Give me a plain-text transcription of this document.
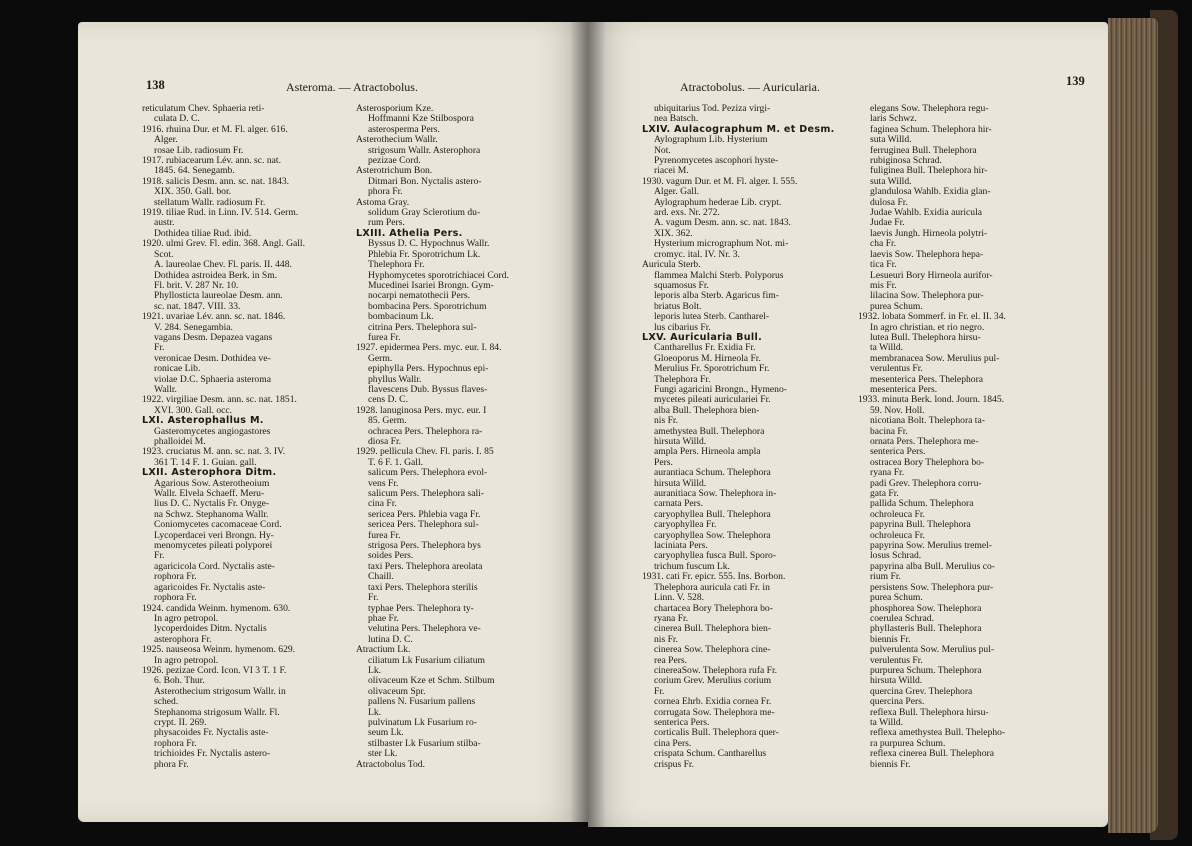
138	Asteroma. — Atractobolus.
reticulatum Chev. Sphaeria reti-
culata D. C.
1916. rhuina Dur. et M. Fl. alger. 616.
Alger.
rosae Lib. radiosum Fr.
1917. rubiacearum Lév. ann. sc. nat.
1845. 64. Senegamb.
1918. salicis Desm. ann. sc. nat. 1843.
XIX. 350. Gall. bor.
stellatum Wallr. radiosum Fr.
1919. tiliae Rud. in Linn. IV. 514. Germ.
austr.
Dothidea tiliae Rud. ibid.
1920. ulmi Grev. Fl. edin. 368. Angl. Gall.
Scot.
A. laureolae Chev. Fl. paris. II. 448.
Dothidea astroidea Berk. in Sm.
Fl. brit. V. 287 Nr. 10.
Phyllosticta laureolae Desm. ann.
sc. nat. 1847. VIII. 33.
1921. uvariae Lév. ann. sc. nat. 1846.
V. 284. Senegambia.
vagans Desm. Depazea vagans
Fr.
veronicae Desm. Dothidea ve-
ronicae Lib.
violae D.C. Sphaeria asteroma
Wallr.
1922. virgiliae Desm. ann. sc. nat. 1851.
XVI. 300. Gall. occ.
LXI. Asterophallus M.
Gasteromycetes angiogastores
phalloidei M.
1923. cruciatus M. ann. sc. nat. 3. IV.
361 T. 14 F. 1. Guian. gall.
LXII. Asterophora Ditm.
Agarious Sow. Asterotheoium
Wallr. Elvela Schaeff. Meru-
lius D. C. Nyctalis Fr. Onyge-
na Schwz. Stephanoma Wallr.
Coniomycetes cacomaceae Cord.
Lycoperdacei veri Brongn. Hy-
menomycetes pileati polyporei
Fr.
agaricicola Cord. Nyctalis aste-
rophora Fr.
agaricoides Fr. Nyctalis aste-
rophora Fr.
1924. candida Weinm. hymenom. 630.
In agro petropol.
lycoperdoides Ditm. Nyctalis
asterophora Fr.
1925. nauseosa Weinm. hymenom. 629.
In agro petropol.
1926. pezizae Cord. Icon. VI 3 T. 1 F.
6. Boh. Thur.
Asterothecium strigosum Wallr. in
sched.
Stephanoma strigosum Wallr. Fl.
crypt. II. 269.
physacoides Fr. Nyctalis aste-
rophora Fr.
trichioides Fr. Nyctalis astero-
phora Fr.
Asterosporium Kze.
Hoffmanni Kze Stilbospora
asterosperma Pers.
Asterothecium Wallr.
strigosum Wallr. Asterophora
pezizae Cord.
Asterotrichum Bon.
Ditmari Bon. Nyctalis astero-
phora Fr.
Astoma Gray.
solidum Gray Sclerotium du-
rum Pers.
LXIII. Athelia Pers.
Byssus D. C. Hypochnus Wallr.
Phlebia Fr. Sporotrichum Lk.
Thelephora Fr.
Hyphomycetes sporotrichiacei Cord.
Mucedinei Isariei Brongn. Gym-
nocarpi nematothecii Pers.
bombacina Pers. Sporotrichum
bombacinum Lk.
citrina Pers. Thelephora sul-
furea Fr.
1927. epidermea Pers. myc. eur. I. 84.
Germ.
epiphylla Pers. Hypochnus epi-
phyllus Wallr.
flavescens Dub. Byssus flaves-
cens D. C.
1928. lanuginosa Pers. myc. eur. I
85. Germ.
ochracea Pers. Thelephora ra-
diosa Fr.
1929. pellicula Chev. Fl. paris. I. 85
T. 6 F. 1. Gall.
salicum Pers. Thelephora evol-
vens Fr.
salicum Pers. Thelephora sali-
cina Fr.
sericea Pers. Phlebia vaga Fr.
sericea Pers. Thelephora sul-
furea Fr.
strigosa Pers. Thelephora bys
soides Pers.
taxi Pers. Thelephora areolata
Chaill.
taxi Pers. Thelephora sterilis
Fr.
typhae Pers. Thelephora ty-
phae Fr.
velutina Pers. Thelephora ve-
lutina D. C.
Atractium Lk.
ciliatum Lk Fusarium ciliatum
Lk.
olivaceum Kze et Schm. Stilbum
olivaceum Spr.
pallens N. Fusarium pallens
Lk.
pulvinatum Lk Fusarium ro-
seum Lk.
stilbaster Lk Fusarium stilba-
ster Lk.
Atractobolus Tod.
Atractobolus. — Auricularia.	139
ubiquitarius Tod. Peziza virgi-
nea Batsch.
LXIV. Aulacographum M. et Desm.
Aylographum Lib. Hysterium
Not.
Pyrenomycetes ascophori hyste-
riacei M.
1930. vagum Dur. et M. Fl. alger. I. 555.
Alger. Gall.
Aylographum hederae Lib. crypt.
ard. exs. Nr. 272.
A. vagum Desm. ann. sc. nat. 1843.
XIX. 362.
Hysterium micrographum Not. mi-
cromyc. ital. IV. Nr. 3.
Auricula Sterb.
flammea Malchi Sterb. Polyporus
squamosus Fr.
leporis alba Sterb. Agaricus fim-
briatus Bolt.
leporis lutea Sterb. Cantharel-
lus cibarius Fr.
LXV. Auricularia Bull.
Cantharellus Fr. Exidia Fr.
Gloeoporus M. Hirneola Fr.
Merulius Fr. Sporotrichum Fr.
Thelephora Fr.
Fungi agaricini Brongn., Hymeno-
mycetes pileati auriculariei Fr.
alba Bull. Thelephora bien-
nis Fr.
amethystea Bull. Thelephora
hirsuta Willd.
ampla Pers. Hirneola ampla
Pers.
aurantiaca Schum. Thelephora
hirsuta Willd.
auranitiaca Sow. Thelephora in-
carnata Pers.
caryophyllea Bull. Thelephora
caryophyllea Fr.
caryophyllea Sow. Thelephora
laciniata Pers.
caryophyllea fusca Bull. Sporo-
trichum fuscum Lk.
1931. cati Fr. epicr. 555. Ins. Borbon.
Thelephora auricula cati Fr. in
Linn. V. 528.
chartacea Bory Thelephora bo-
ryana Fr.
cinerea Bull. Thelephora bien-
nis Fr.
cinerea Sow. Thelephora cine-
rea Pers.
cinereaSow. Thelephora rufa Fr.
corium Grev. Merulius corium
Fr.
cornea Ehrb. Exidia cornea Fr.
corrugata Sow. Thelephora me-
senterica Pers.
corticalis Bull. Thelephora quer-
cina Pers.
crispata Schum. Cantharellus
crispus Fr.
elegans Sow. Thelephora regu-
laris Schwz.
faginea Schum. Thelephora hir-
suta Willd.
ferruginea Bull. Thelephora
rubiginosa Schrad.
fuliginea Bull. Thelephora hir-
suta Willd.
glandulosa Wahlb. Exidia glan-
dulosa Fr.
Judae Wahlb. Exidia auricula
Judae Fr.
laevis Jungh. Hirneola polytri-
cha Fr.
laevis Sow. Thelephora hepa-
tica Fr.
Lesueuri Bory Hirneola aurifor-
mis Fr.
lilacina Sow. Thelephora pur-
purea Schum.
1932. lobata Sommerf. in Fr. el. II. 34.
In agro christian. et rio negro.
lutea Bull. Thelephora hirsu-
ta Willd.
membranacea Sow. Merulius pul-
verulentus Fr.
mesenterica Pers. Thelephora
mesenterica Pers.
1933. minuta Berk. lond. Journ. 1845.
59. Nov. Holl.
nicotiana Bolt. Thelephora ta-
bacina Fr.
ornata Pers. Thelephora me-
senterica Pers.
ostracea Bory Thelephora bo-
ryana Fr.
padi Grev. Thelephora corru-
gata Fr.
pallida Schum. Thelephora
ochroleuca Fr.
papyrina Bull. Thelephora
ochroleuca Fr.
papyrina Sow. Merulius tremel-
losus Schrad.
papyrina alba Bull. Merulius co-
rium Fr.
persistens Sow. Thelephora pur-
purea Schum.
phosphorea Sow. Thelephora
coerulea Schrad.
phyllasteris Bull. Thelephora
biennis Fr.
pulverulenta Sow. Merulius pul-
verulentus Fr.
purpurea Schum. Thelephora
hirsuta Willd.
quercina Grev. Thelephora
quercina Pers.
reflexa Bull. Thelephora hirsu-
ta Willd.
reflexa amethystea Bull. Thelepho-
ra purpurea Schum.
reflexa cinerea Bull. Thelephora
biennis Fr.
